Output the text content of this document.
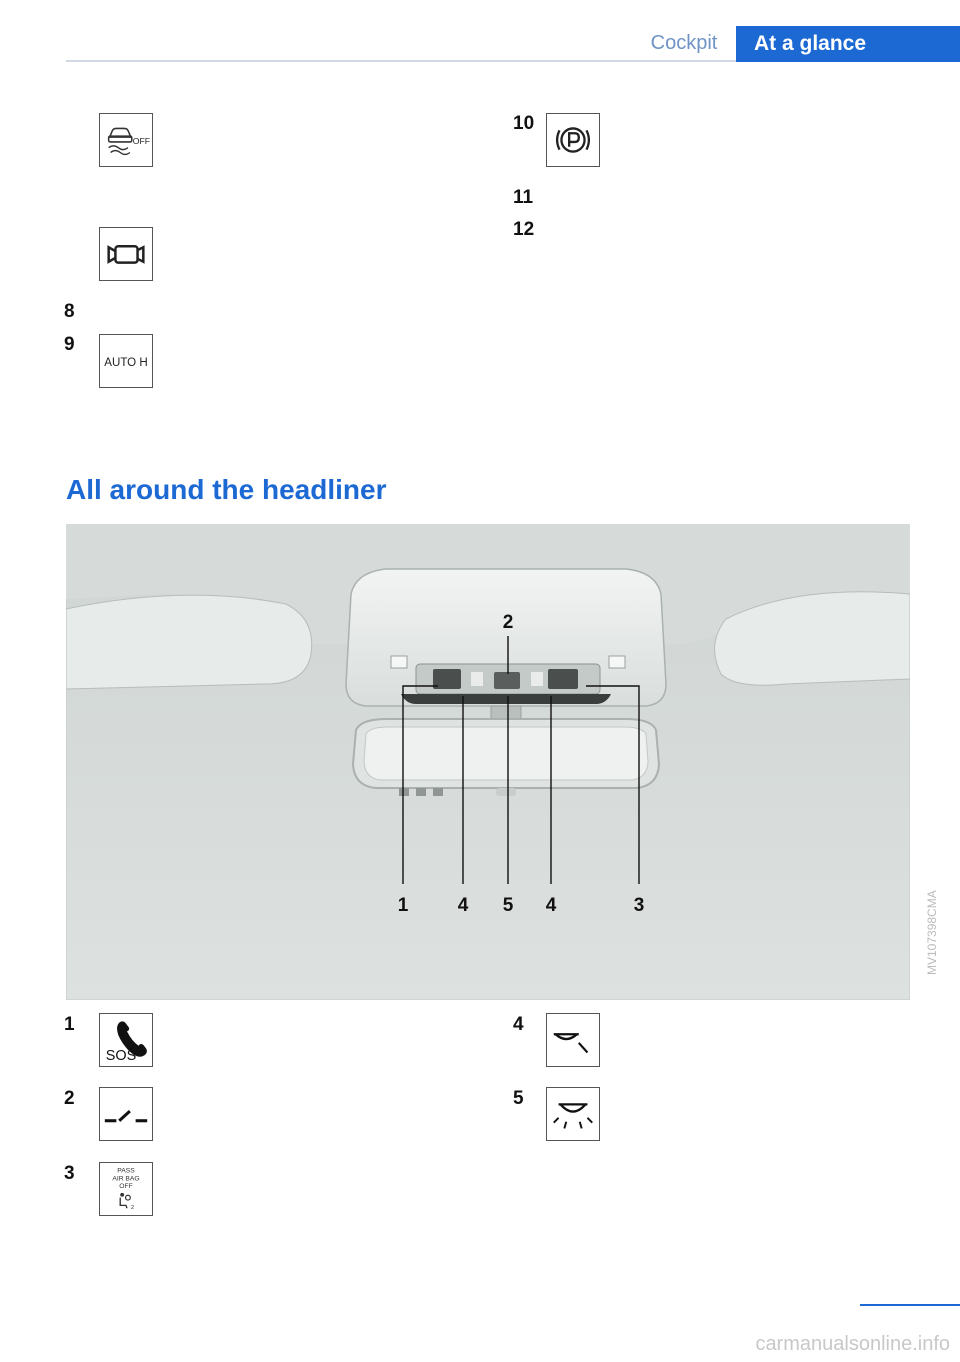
Cockpit	At a glance
OFF
8
9
AUTO H
10
11
12
All around the headliner
2
1	4 5 4	3	MV107398CMA
1
SOS
2
3	PASS
AIR BAG
OFF
2
4
5
carmanualsonline.info
